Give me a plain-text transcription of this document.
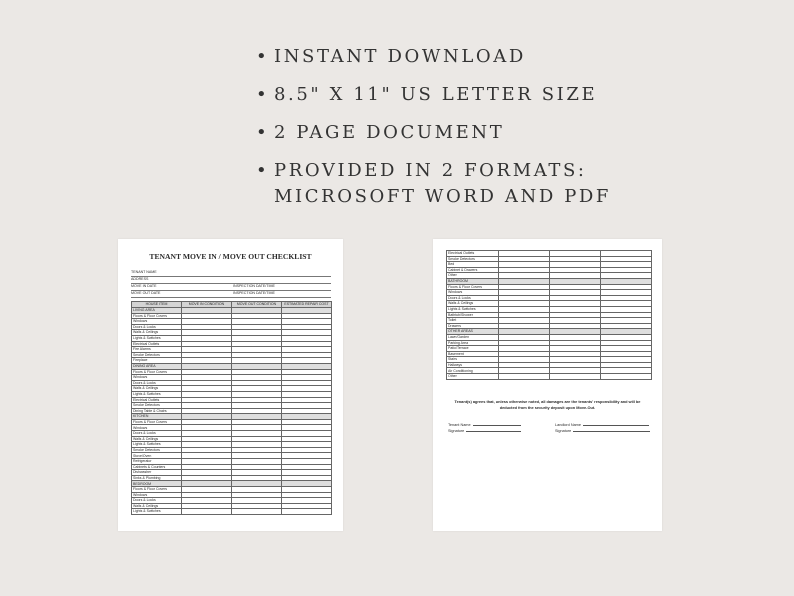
• INSTANT DOWNLOAD
• 8.5" X 11" US LETTER SIZE
• 2 PAGE DOCUMENT
• PROVIDED IN 2 FORMATS:
MICROSOFT WORD AND PDF
TENANT MOVE IN / MOVE OUT CHECKLIST
TENANT NAME
ADDRESS
MOVE IN DATE	INSPECTION DATE/TIME
MOVE OUT DATE	INSPECTION DATE/TIME
HOUSE ITEM	MOVE IN CONDITION	MOVE OUT CONDITION	ESTIMATED REPAIR COST
LIVING AREA			
Floors & Floor Covers			
Windows			
Doors & Locks			
Walls & Ceilings			
Lights & Switches			
Electrical Outlets			
Fire Alarms			
Smoke Detectors			
Fireplace			
DINING AREA			
Floors & Floor Covers			
Windows			
Doors & Locks			
Walls & Ceilings			
Lights & Switches			
Electrical Outlets			
Smoke Detectors			
Dining Table & Chairs			
KITCHEN			
Floors & Floor Covers			
Windows			
Doors & Locks			
Walls & Ceilings			
Lights & Switches			
Smoke Detectors			
Stove/Oven			
Refrigerator			
Cabinets & Counters			
Dishwasher			
Sinks & Plumbing			
BEDROOM			
Floors & Floor Covers			
Windows			
Doors & Locks			
Walls & Ceilings			
Lights & Switches			
Electrical Outlets			
Smoke Detectors			
Bed			
Cabinet & Drawers			
Other			
BATHROOM			
Floors & Floor Covers			
Windows			
Doors & Locks			
Walls & Ceilings			
Lights & Switches			
Bathtub/Shower			
Toilet			
Drawers			
OTHER AREAS			
Lawn/Garden			
Parking Area			
Patio/Terrace			
Basement			
Stairs			
Hallways			
Air Conditioning			
Other			
Tenant(s) agrees that, unless otherwise noted, all damages are the tenants' responsibility and will be deducted from the security deposit upon Move-Out.
Tenant Name
Signature
Landlord Name
Signature
